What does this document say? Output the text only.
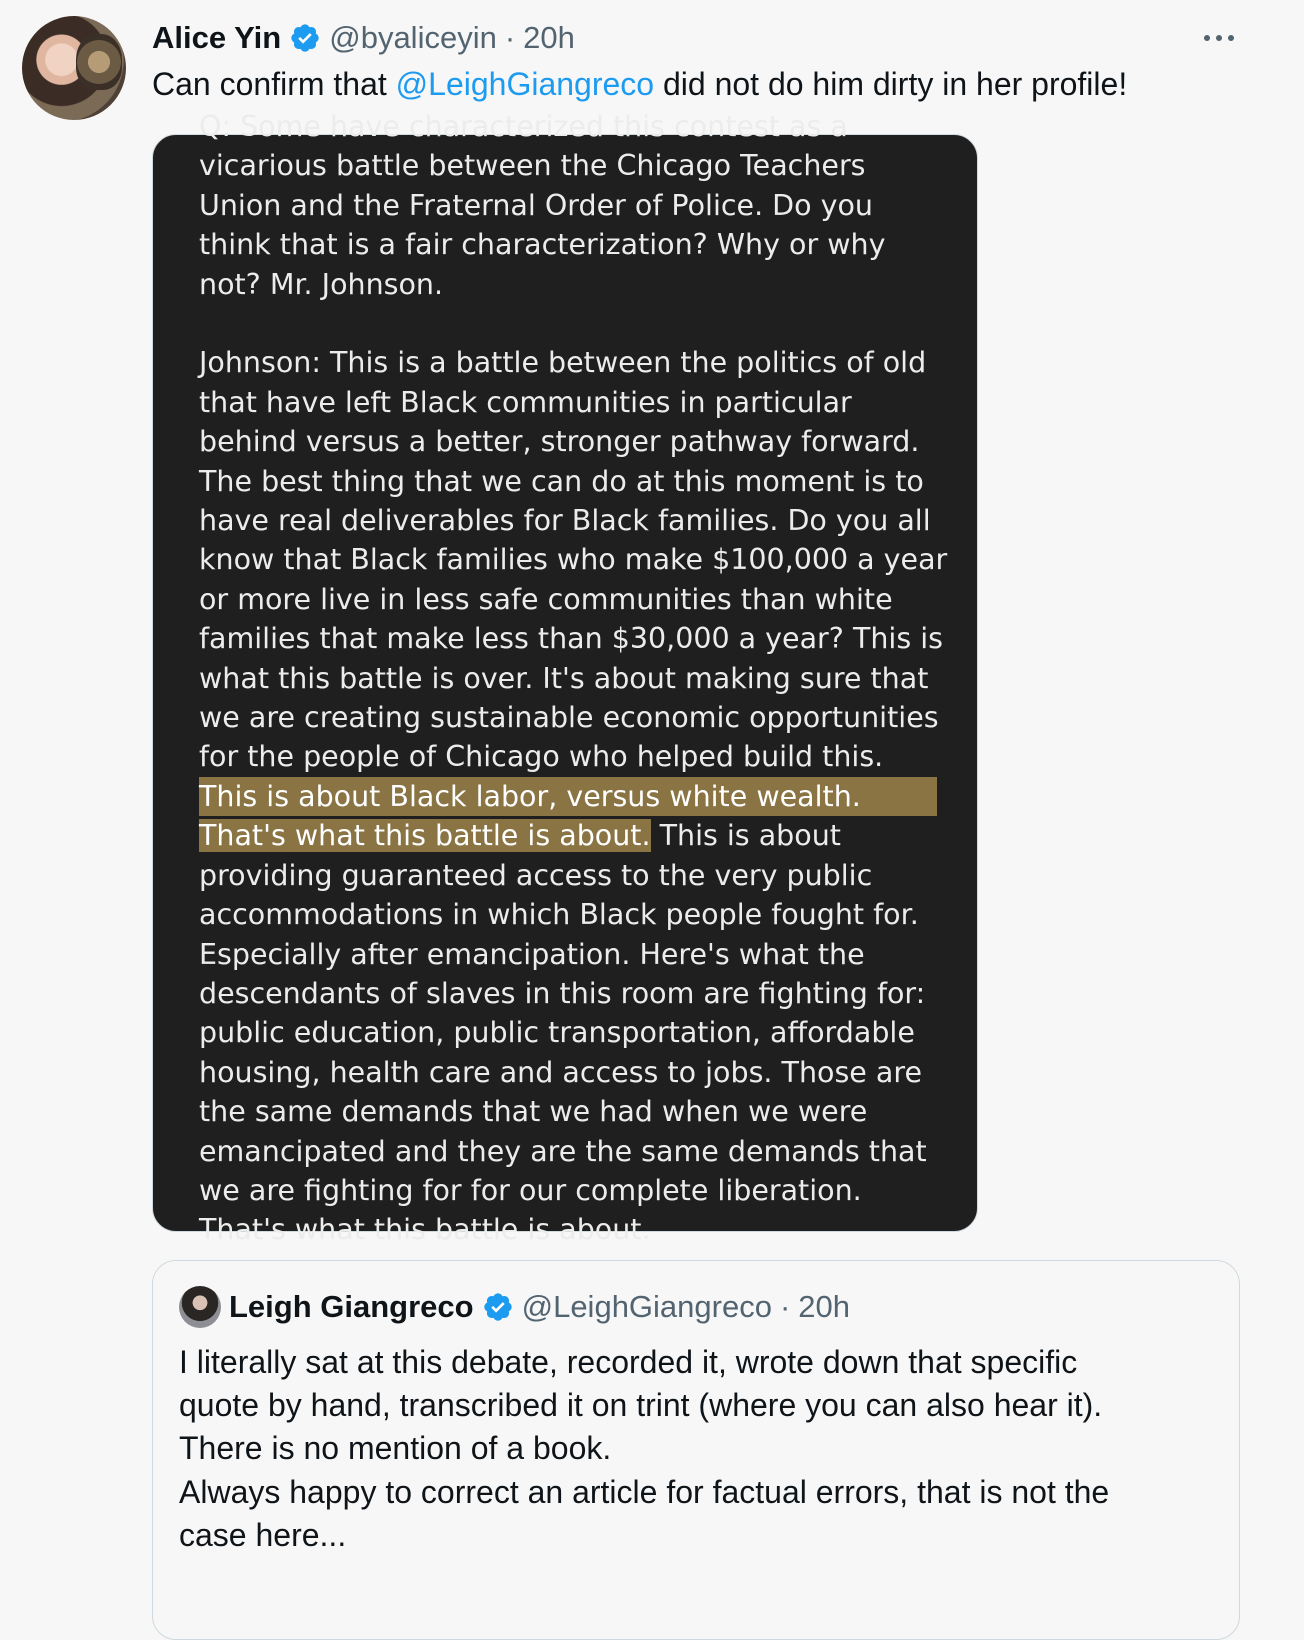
Alice Yin @byaliceyin · 20h
Can confirm that @LeighGiangreco did not do him dirty in her profile!
Q: Some have characterized this contest as a
vicarious battle between the Chicago Teachers
Union and the Fraternal Order of Police. Do you
think that is a fair characterization? Why or why
not? Mr. Johnson.
Johnson: This is a battle between the politics of old
that have left Black communities in particular
behind versus a better, stronger pathway forward.
The best thing that we can do at this moment is to
have real deliverables for Black families. Do you all
know that Black families who make $100,000 a year
or more live in less safe communities than white
families that make less than $30,000 a year? This is
what this battle is over. It's about making sure that
we are creating sustainable economic opportunities
for the people of Chicago who helped build this.
This is about Black labor, versus white wealth.
That's what this battle is about. This is about
providing guaranteed access to the very public
accommodations in which Black people fought for.
Especially after emancipation. Here's what the
descendants of slaves in this room are fighting for:
public education, public transportation, affordable
housing, health care and access to jobs. Those are
the same demands that we had when we were
emancipated and they are the same demands that
we are fighting for for our complete liberation.
That's what this battle is about.
Leigh Giangreco @LeighGiangreco · 20h
I literally sat at this debate, recorded it, wrote down that specific
quote by hand, transcribed it on trint (where you can also hear it).
There is no mention of a book.
Always happy to correct an article for factual errors, that is not the
case here...
